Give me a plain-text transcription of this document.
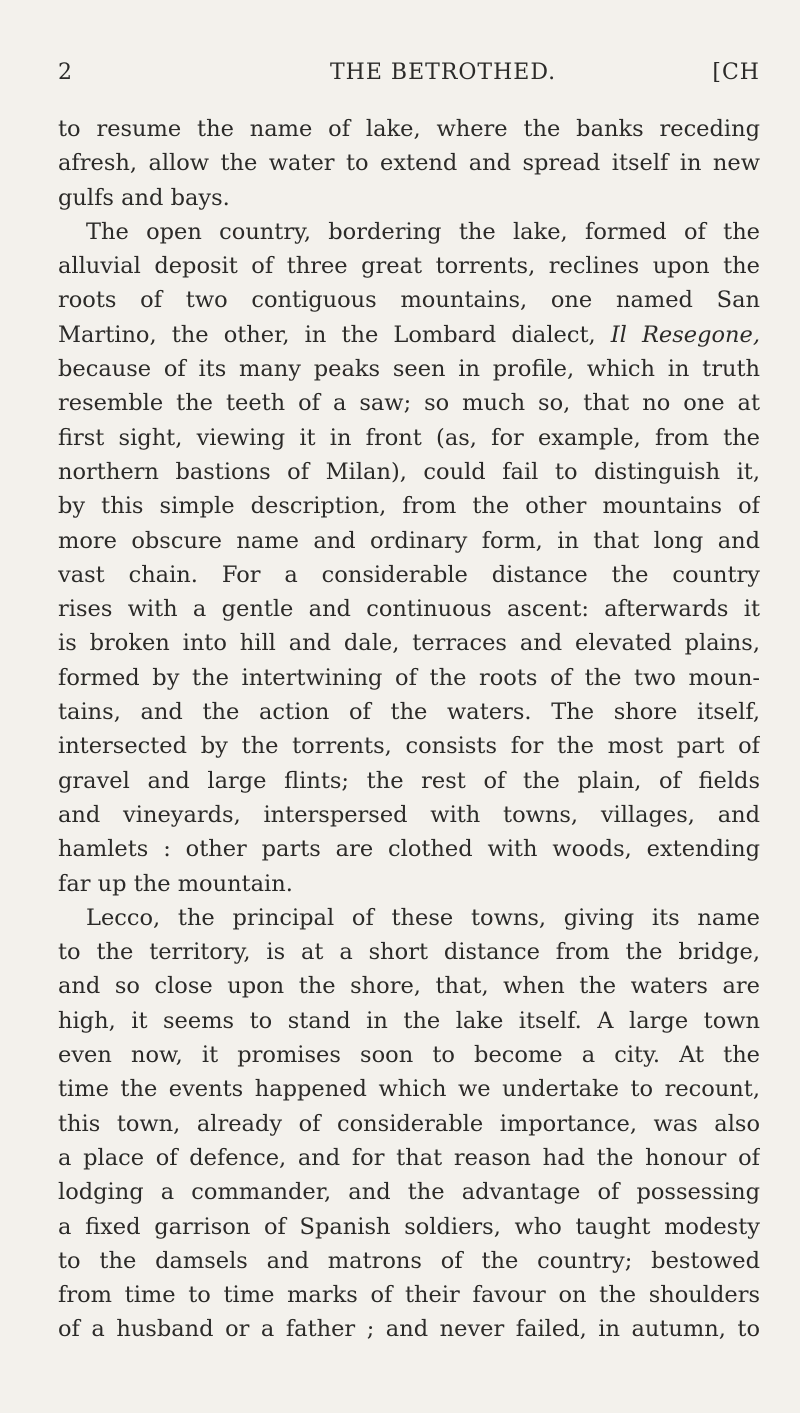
2	THE BETROTHED.	[CH

to resume the name of lake, where the banks receding
afresh, allow the water to extend and spread itself in new
gulfs and bays.

The open country, bordering the lake, formed of the
alluvial deposit of three great torrents, reclines upon the
roots of two contiguous mountains, one named San
Martino, the other, in the Lombard dialect, Il Resegone,
because of its many peaks seen in profile, which in truth
resemble the teeth of a saw; so much so, that no one at
first sight, viewing it in front (as, for example, from the
northern bastions of Milan), could fail to distinguish it,
by this simple description, from the other mountains of
more obscure name and ordinary form, in that long and
vast chain. For a considerable distance the country
rises with a gentle and continuous ascent: afterwards it
is broken into hill and dale, terraces and elevated plains,
formed by the intertwining of the roots of the two moun-
tains, and the action of the waters. The shore itself,
intersected by the torrents, consists for the most part of
gravel and large flints; the rest of the plain, of fields
and vineyards, interspersed with towns, villages, and
hamlets : other parts are clothed with woods, extending
far up the mountain.

Lecco, the principal of these towns, giving its name
to the territory, is at a short distance from the bridge,
and so close upon the shore, that, when the waters are
high, it seems to stand in the lake itself. A large town
even now, it promises soon to become a city. At the
time the events happened which we undertake to recount,
this town, already of considerable importance, was also
a place of defence, and for that reason had the honour of
lodging a commander, and the advantage of possessing
a fixed garrison of Spanish soldiers, who taught modesty
to the damsels and matrons of the country; bestowed
from time to time marks of their favour on the shoulders
of a husband or a father ; and never failed, in autumn, to
